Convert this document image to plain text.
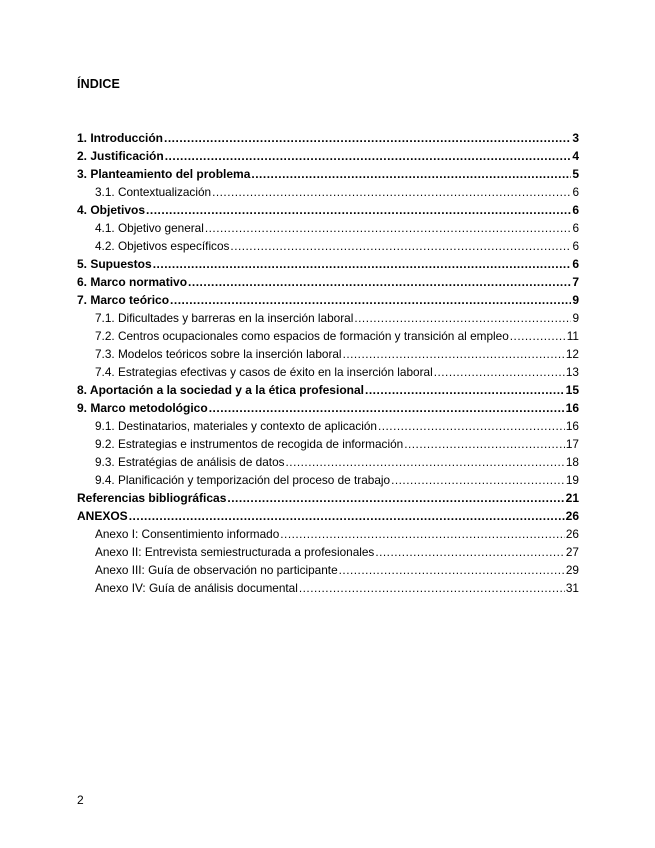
ÍNDICE
1. Introducción .....	3
2. Justificación .....	4
3. Planteamiento del problema .....	5
3.1. Contextualización .....	6
4. Objetivos .....	6
4.1. Objetivo general .....	6
4.2. Objetivos específicos .....	6
5. Supuestos .....	6
6. Marco normativo .....	7
7. Marco teórico .....	9
7.1. Dificultades y barreras en la inserción laboral .....	9
7.2. Centros ocupacionales como espacios de formación y transición al empleo .....	11
7.3. Modelos teóricos sobre la inserción laboral .....	12
7.4. Estrategias efectivas y casos de éxito en la inserción laboral .....	13
8. Aportación a la sociedad y a la ética profesional .....	15
9. Marco metodológico .....	16
9.1. Destinatarios, materiales y contexto de aplicación .....	16
9.2. Estrategias e instrumentos de recogida de información .....	17
9.3. Estratégias de análisis de datos .....	18
9.4. Planificación y temporización del proceso de trabajo .....	19
Referencias bibliográficas .....	21
ANEXOS .....	26
Anexo I: Consentimiento informado .....	26
Anexo II: Entrevista semiestructurada a profesionales .....	27
Anexo III: Guía de observación no participante .....	29
Anexo IV: Guía de análisis documental .....	31
2
